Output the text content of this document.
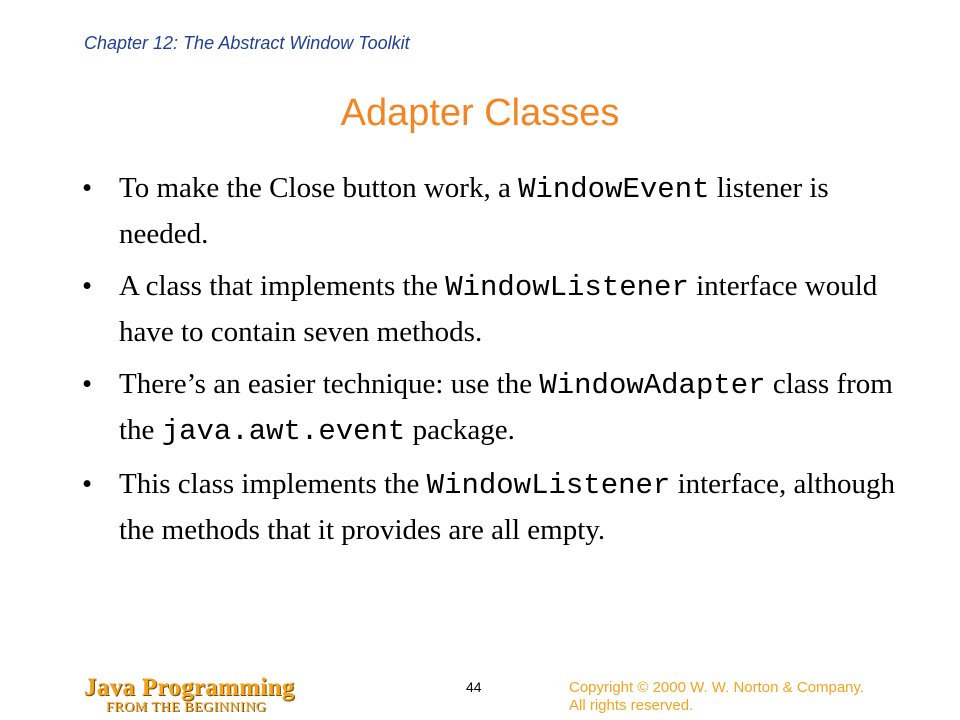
Chapter 12: The Abstract Window Toolkit
Adapter Classes
• To make the Close button work, a WindowEvent listener is needed.
• A class that implements the WindowListener interface would have to contain seven methods.
• There’s an easier technique: use the WindowAdapter class from the java.awt.event package.
• This class implements the WindowListener interface, although the methods that it provides are all empty.
Java Programming
FROM THE BEGINNING
44	Copyright © 2000 W. W. Norton & Company.
All rights reserved.
